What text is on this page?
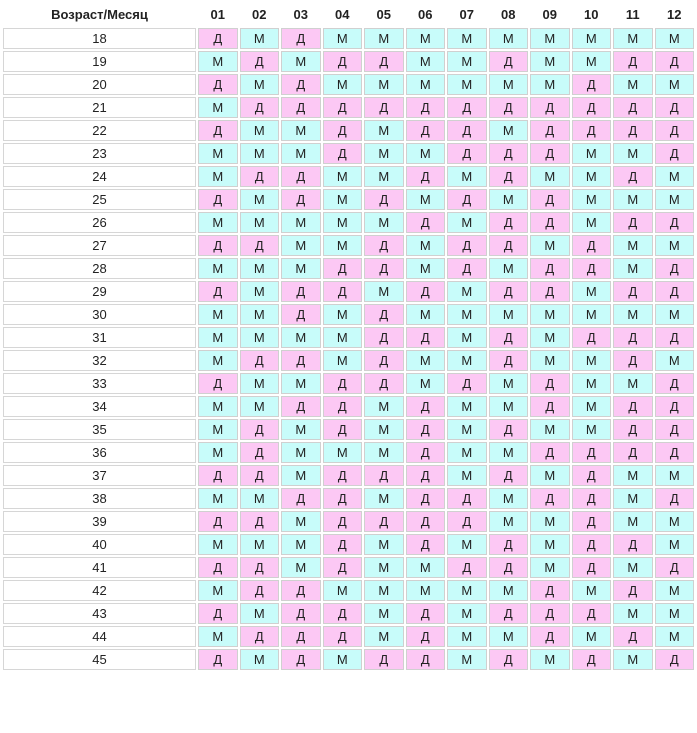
Возраст/Месяц	01	02	03	04	05	06	07	08	09	10	11	12
18	Д	М	Д	М	М	М	М	М	М	М	М	М
19	М	Д	М	Д	Д	М	М	Д	М	М	Д	Д
20	Д	М	Д	М	М	М	М	М	М	Д	М	М
21	М	Д	Д	Д	Д	Д	Д	Д	Д	Д	Д	Д
22	Д	М	М	Д	М	Д	Д	М	Д	Д	Д	Д
23	М	М	М	Д	М	М	Д	Д	Д	М	М	Д
24	М	Д	Д	М	М	Д	М	Д	М	М	Д	М
25	Д	М	Д	М	Д	М	Д	М	Д	М	М	М
26	М	М	М	М	М	Д	М	Д	Д	М	Д	Д
27	Д	Д	М	М	Д	М	Д	Д	М	Д	М	М
28	М	М	М	Д	Д	М	Д	М	Д	Д	М	Д
29	Д	М	Д	Д	М	Д	М	Д	Д	М	Д	Д
30	М	М	Д	М	Д	М	М	М	М	М	М	М
31	М	М	М	М	Д	Д	М	Д	М	Д	Д	Д
32	М	Д	Д	М	Д	М	М	Д	М	М	Д	М
33	Д	М	М	Д	Д	М	Д	М	Д	М	М	Д
34	М	М	Д	Д	М	Д	М	М	Д	М	Д	Д
35	М	Д	М	Д	М	Д	М	Д	М	М	Д	Д
36	М	Д	М	М	М	Д	М	М	Д	Д	Д	Д
37	Д	Д	М	Д	Д	Д	М	Д	М	Д	М	М
38	М	М	Д	Д	М	Д	Д	М	Д	Д	М	Д
39	Д	Д	М	Д	Д	Д	Д	М	М	Д	М	М
40	М	М	М	Д	М	Д	М	Д	М	Д	Д	М
41	Д	Д	М	Д	М	М	Д	Д	М	Д	М	Д
42	М	Д	Д	М	М	М	М	М	Д	М	Д	М
43	Д	М	Д	Д	М	Д	М	Д	Д	Д	М	М
44	М	Д	Д	Д	М	Д	М	М	Д	М	Д	М
45	Д	М	Д	М	Д	Д	М	Д	М	Д	М	Д
